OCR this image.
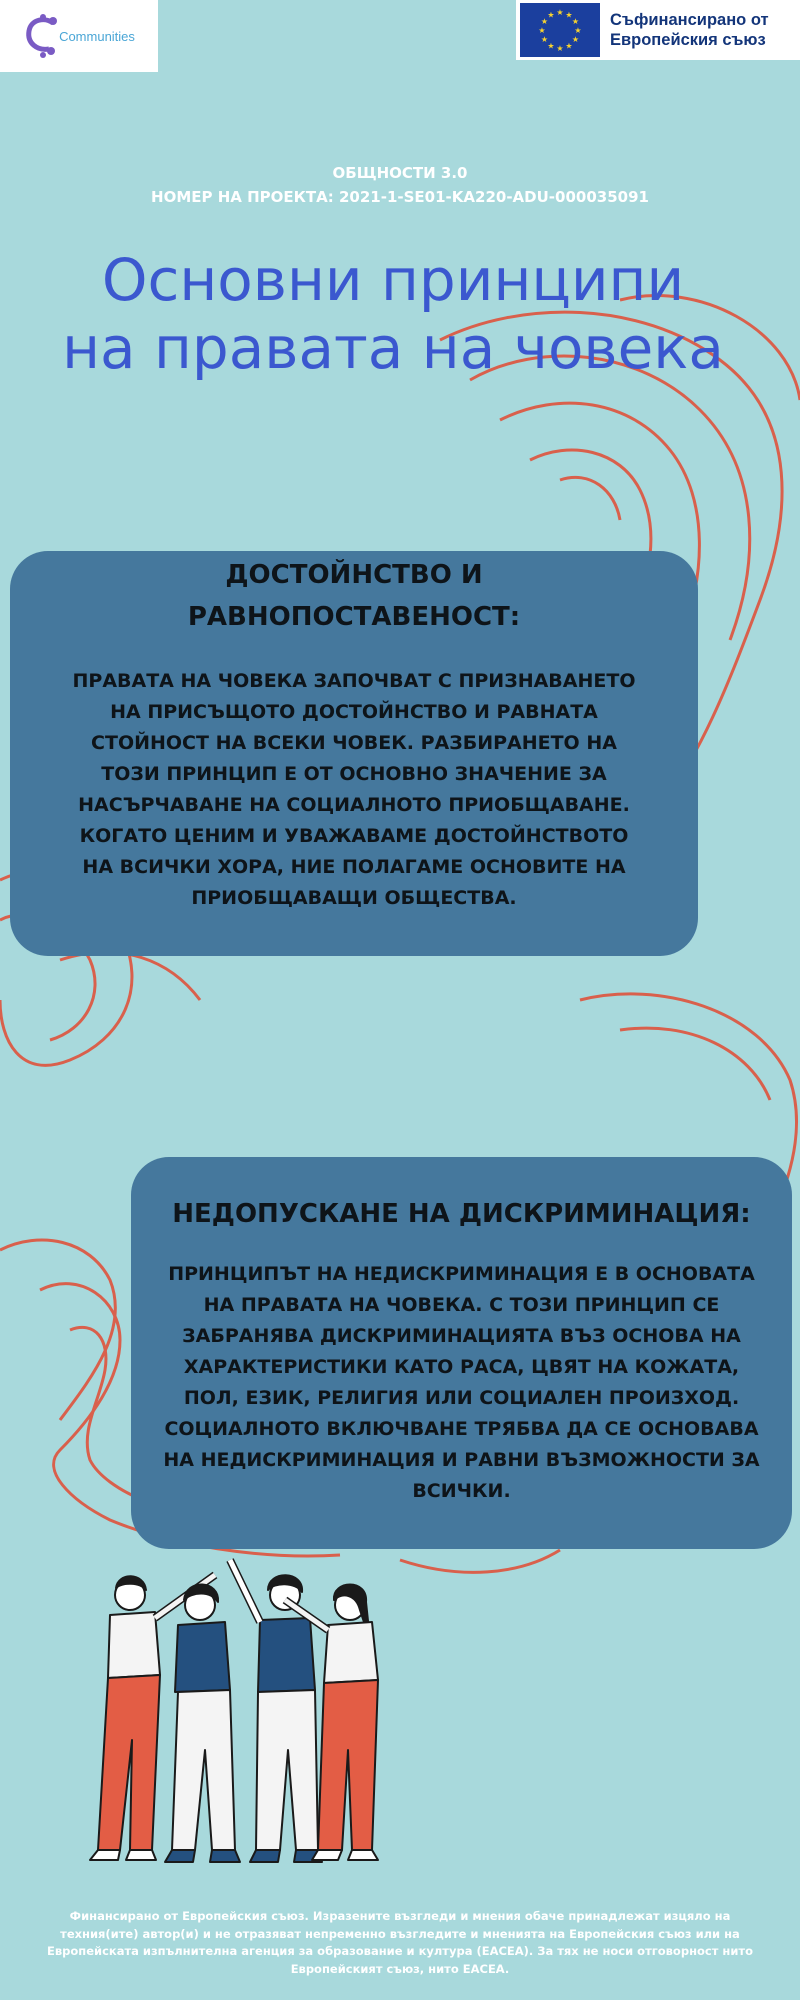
Communities
★ ★
★
★
★
★
★
★
★
★
★
★	Съфинансирано от
Европейския съюз
ОБЩНОСТИ 3.0
НОМЕР НА ПРОЕКТА: 2021-1-SE01-KA220-ADU-000035091
Основни принципи
на правата на човека
ДОСТОЙНСТВО И РАВНОПОСТАВЕНОСТ:
ПРАВАТА НА ЧОВЕКА ЗАПОЧВАТ С ПРИЗНАВАНЕТО НА ПРИСЪЩОТО ДОСТОЙНСТВО И РАВНАТА СТОЙНОСТ НА ВСЕКИ ЧОВЕК. РАЗБИРАНЕТО НА ТОЗИ ПРИНЦИП Е ОТ ОСНОВНО ЗНАЧЕНИЕ ЗА НАСЪРЧАВАНЕ НА СОЦИАЛНОТО ПРИОБЩАВАНЕ. КОГАТО ЦЕНИМ И УВАЖАВАМЕ ДОСТОЙНСТВОТО НА ВСИЧКИ ХОРА, НИЕ ПОЛАГАМЕ ОСНОВИТЕ НА ПРИОБЩАВАЩИ ОБЩЕСТВА.
НЕДОПУСКАНЕ НА ДИСКРИМИНАЦИЯ:
ПРИНЦИПЪТ НА НЕДИСКРИМИНАЦИЯ Е В ОСНОВАТА НА ПРАВАТА НА ЧОВЕКА. С ТОЗИ ПРИНЦИП СЕ ЗАБРАНЯВА ДИСКРИМИНАЦИЯТА ВЪЗ ОСНОВА НА ХАРАКТЕРИСТИКИ КАТО РАСА, ЦВЯТ НА КОЖАТА, ПОЛ, ЕЗИК, РЕЛИГИЯ ИЛИ СОЦИАЛЕН ПРОИЗХОД. СОЦИАЛНОТО ВКЛЮЧВАНЕ ТРЯБВА ДА СЕ ОСНОВАВА НА НЕДИСКРИМИНАЦИЯ И РАВНИ ВЪЗМОЖНОСТИ ЗА ВСИЧКИ.
Финансирано от Европейския съюз. Изразените възгледи и мнения обаче принадлежат изцяло на техния(ите) автор(и) и не отразяват непременно възгледите и мненията на Европейския съюз или на Европейската изпълнителна агенция за образование и култура (EACEA). За тях не носи отговорност нито Европейският съюз, нито EACEA.
